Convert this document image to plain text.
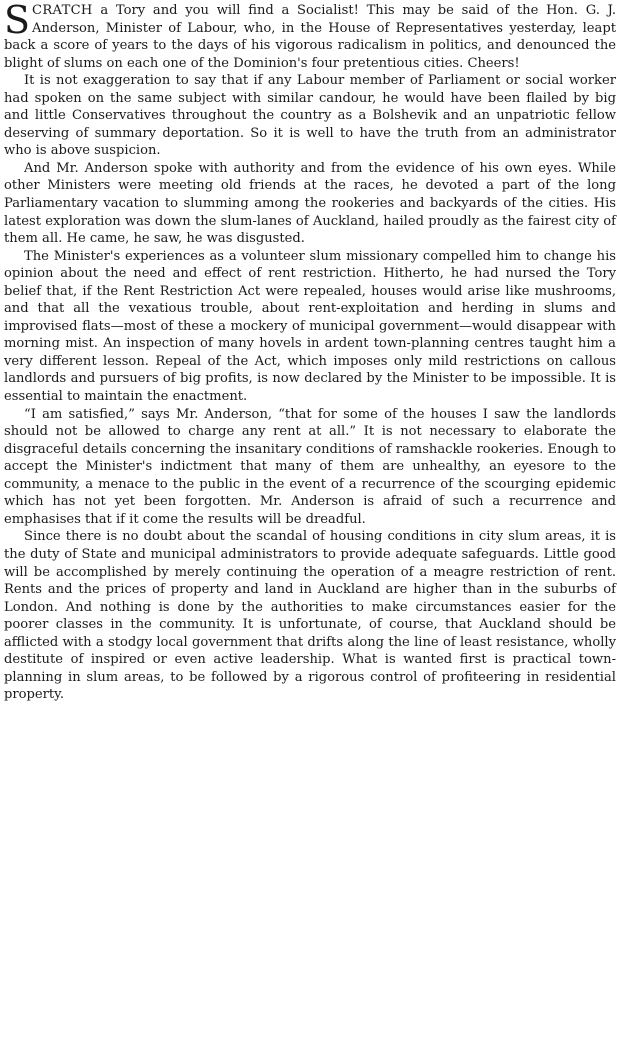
SCRATCH a Tory and you will find a Socialist! This may be said of the Hon. G. J. Anderson, Minister of Labour, who, in the House of Representatives yesterday, leapt back a score of years to the days of his vigorous radicalism in politics, and denounced the blight of slums on each one of the Dominion's four pretentious cities. Cheers!

It is not exaggeration to say that if any Labour member of Parliament or social worker had spoken on the same subject with similar candour, he would have been flailed by big and little Conservatives throughout the country as a Bolshevik and an unpatriotic fellow deserving of summary deportation. So it is well to have the truth from an administrator who is above suspicion.

And Mr. Anderson spoke with authority and from the evidence of his own eyes. While other Ministers were meeting old friends at the races, he devoted a part of the long Parliamentary vacation to slumming among the rookeries and backyards of the cities. His latest exploration was down the slum-lanes of Auckland, hailed proudly as the fairest city of them all. He came, he saw, he was disgusted.

The Minister's experiences as a volunteer slum missionary compelled him to change his opinion about the need and effect of rent restriction. Hitherto, he had nursed the Tory belief that, if the Rent Restriction Act were repealed, houses would arise like mushrooms, and that all the vexatious trouble, about rent-exploitation and herding in slums and improvised flats—most of these a mockery of municipal government—would disappear with morning mist. An inspection of many hovels in ardent town-planning centres taught him a very different lesson. Repeal of the Act, which imposes only mild restrictions on callous landlords and pursuers of big profits, is now declared by the Minister to be impossible. It is essential to maintain the enactment.

“I am satisfied,” says Mr. Anderson, “that for some of the houses I saw the landlords should not be allowed to charge any rent at all.” It is not necessary to elaborate the disgraceful details concerning the insanitary conditions of ramshackle rookeries. Enough to accept the Minister's indictment that many of them are unhealthy, an eyesore to the community, a menace to the public in the event of a recurrence of the scourging epidemic which has not yet been forgotten. Mr. Anderson is afraid of such a recurrence and emphasises that if it come the results will be dreadful.

Since there is no doubt about the scandal of housing conditions in city slum areas, it is the duty of State and municipal administrators to provide adequate safeguards. Little good will be accomplished by merely continuing the operation of a meagre restriction of rent. Rents and the prices of property and land in Auckland are higher than in the suburbs of London. And nothing is done by the authorities to make circumstances easier for the poorer classes in the community. It is unfortunate, of course, that Auckland should be afflicted with a stodgy local government that drifts along the line of least resistance, wholly destitute of inspired or even active leadership. What is wanted first is practical town-planning in slum areas, to be followed by a rigorous control of profiteering in residential property.
